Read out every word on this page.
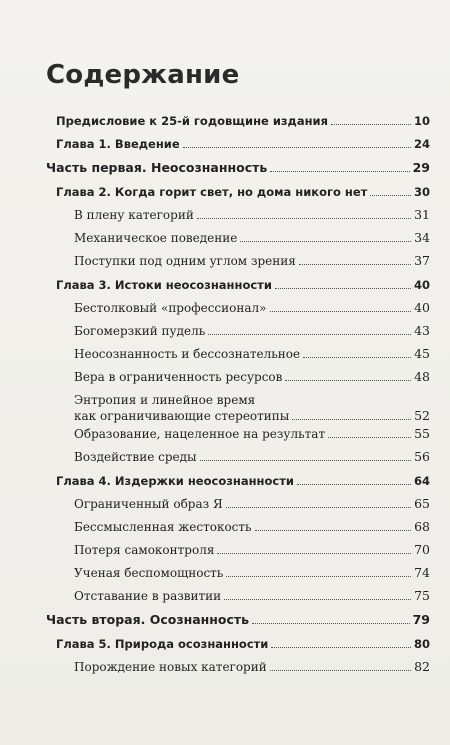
Содержание
Предисловие к 25-й годовщине издания	10
Глава 1. Введение	24
Часть первая. Неосознанность	29
Глава 2. Когда горит свет, но дома никого нет	30
В плену категорий	31
Механическое поведение	34
Поступки под одним углом зрения	37
Глава 3. Истоки неосознанности	40
Бестолковый «профессионал»	40
Богомерзкий пудель	43
Неосознанность и бессознательное	45
Вера в ограниченность ресурсов	48
Энтропия и линейное время
как ограничивающие стереотипы	52
Образование, нацеленное на результат	55
Воздействие среды	56
Глава 4. Издержки неосознанности	64
Ограниченный образ Я	65
Бессмысленная жестокость	68
Потеря самоконтроля	70
Ученая беспомощность	74
Отставание в развитии	75
Часть вторая. Осознанность	79
Глава 5. Природа осознанности	80
Порождение новых категорий	82
